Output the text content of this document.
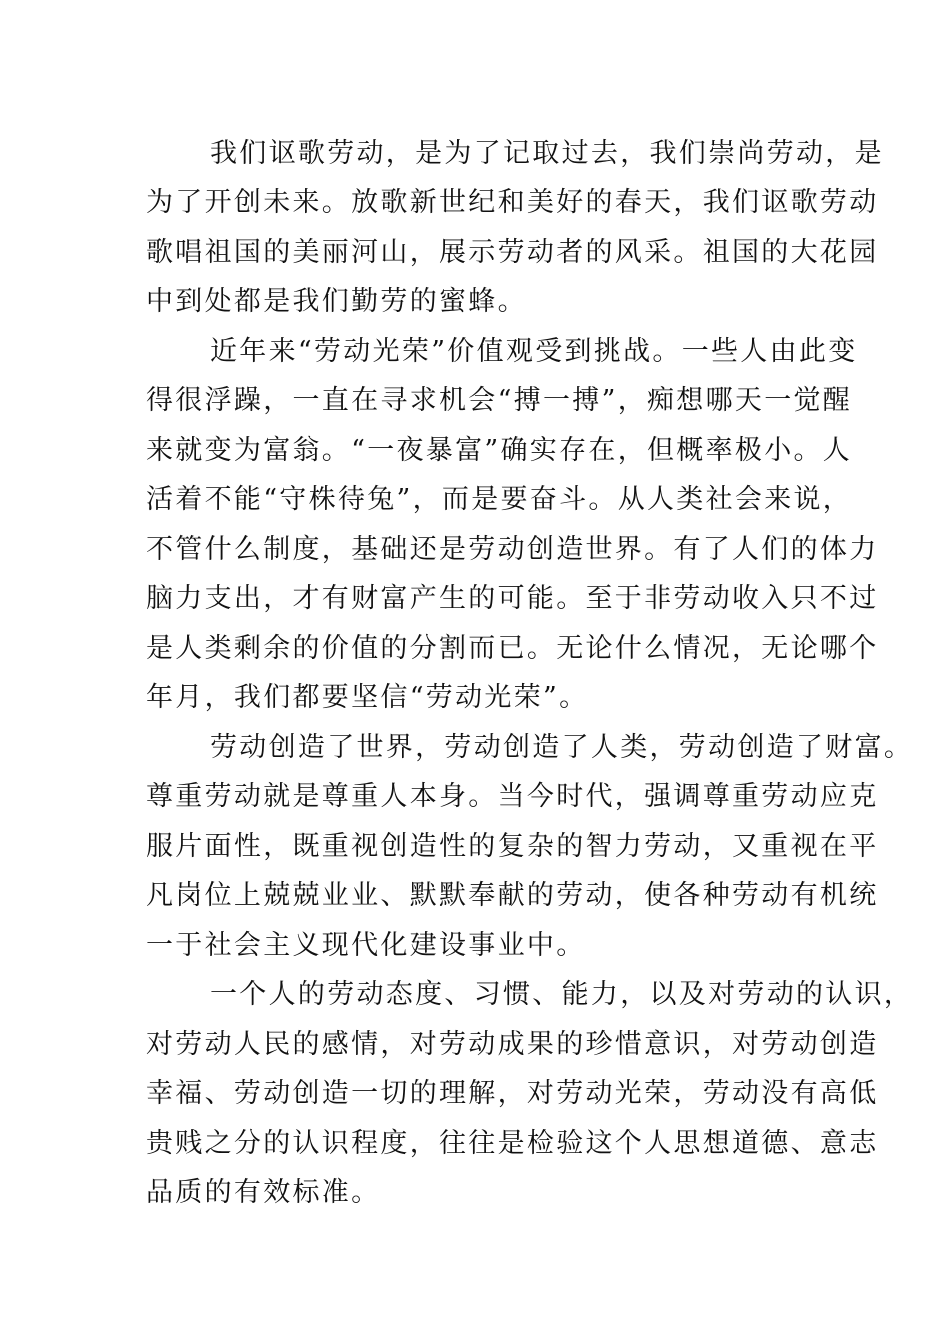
我们讴歌劳动，是为了记取过去，我们崇尚劳动，是
为了开创未来。放歌新世纪和美好的春天，我们讴歌劳动
歌唱祖国的美丽河山，展示劳动者的风采。祖国的大花园
中到处都是我们勤劳的蜜蜂。
近年来“劳动光荣”价值观受到挑战。一些人由此变
得很浮躁，一直在寻求机会“搏一搏”，痴想哪天一觉醒
来就变为富翁。“一夜暴富”确实存在，但概率极小。人
活着不能“守株待兔”，而是要奋斗。从人类社会来说，
不管什么制度，基础还是劳动创造世界。有了人们的体力
脑力支出，才有财富产生的可能。至于非劳动收入只不过
是人类剩余的价值的分割而已。无论什么情况，无论哪个
年月，我们都要坚信“劳动光荣”。
劳动创造了世界，劳动创造了人类，劳动创造了财富。
尊重劳动就是尊重人本身。当今时代，强调尊重劳动应克
服片面性，既重视创造性的复杂的智力劳动，又重视在平
凡岗位上兢兢业业、默默奉献的劳动，使各种劳动有机统
一于社会主义现代化建设事业中。
一个人的劳动态度、习惯、能力，以及对劳动的认识，
对劳动人民的感情，对劳动成果的珍惜意识，对劳动创造
幸福、劳动创造一切的理解，对劳动光荣，劳动没有高低
贵贱之分的认识程度，往往是检验这个人思想道德、意志
品质的有效标准。
